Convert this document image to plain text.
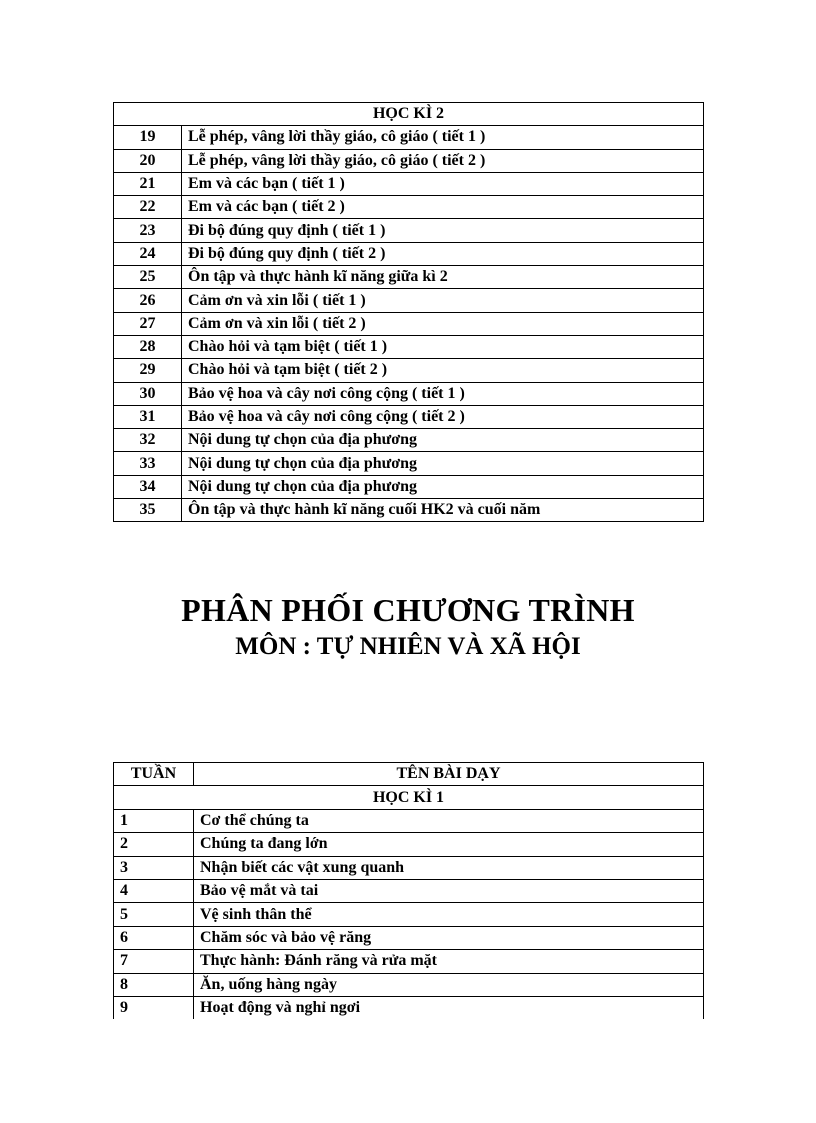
HỌC KÌ 2	
19	Lễ phép, vâng lời thầy giáo, cô giáo ( tiết 1 )
20	Lễ phép, vâng lời thầy giáo, cô giáo ( tiết 2 )
21	Em và các bạn ( tiết 1 )
22	Em và các bạn ( tiết 2 )
23	Đi bộ đúng quy định ( tiết 1 )
24	Đi bộ đúng quy định ( tiết 2 )
25	Ôn tập và thực hành kĩ năng giữa kì 2
26	Cảm ơn và xin lỗi ( tiết 1 )
27	Cảm ơn và xin lỗi ( tiết 2 )
28	Chào hỏi và tạm biệt ( tiết 1 )
29	Chào hỏi và tạm biệt ( tiết 2 )
30	Bảo vệ hoa và cây nơi công cộng ( tiết 1 )
31	Bảo vệ hoa và cây nơi công cộng ( tiết 2 )
32	Nội dung tự chọn của địa phương
33	Nội dung tự chọn của địa phương
34	Nội dung tự chọn của địa phương
35	Ôn tập và thực hành kĩ năng cuối HK2 và cuối năm
PHÂN PHỐI CHƯƠNG TRÌNH
MÔN : TỰ NHIÊN VÀ XÃ HỘI
TUẦN	TÊN BÀI DẠY
HỌC KÌ 1	
1	Cơ thể chúng ta
2	Chúng ta đang lớn
3	Nhận biết các vật xung quanh
4	Bảo vệ mắt và tai
5	Vệ sinh thân thể
6	Chăm sóc và bảo vệ răng
7	Thực hành: Đánh răng và rửa mặt
8	Ăn, uống hàng ngày
9	Hoạt động và nghỉ ngơi
